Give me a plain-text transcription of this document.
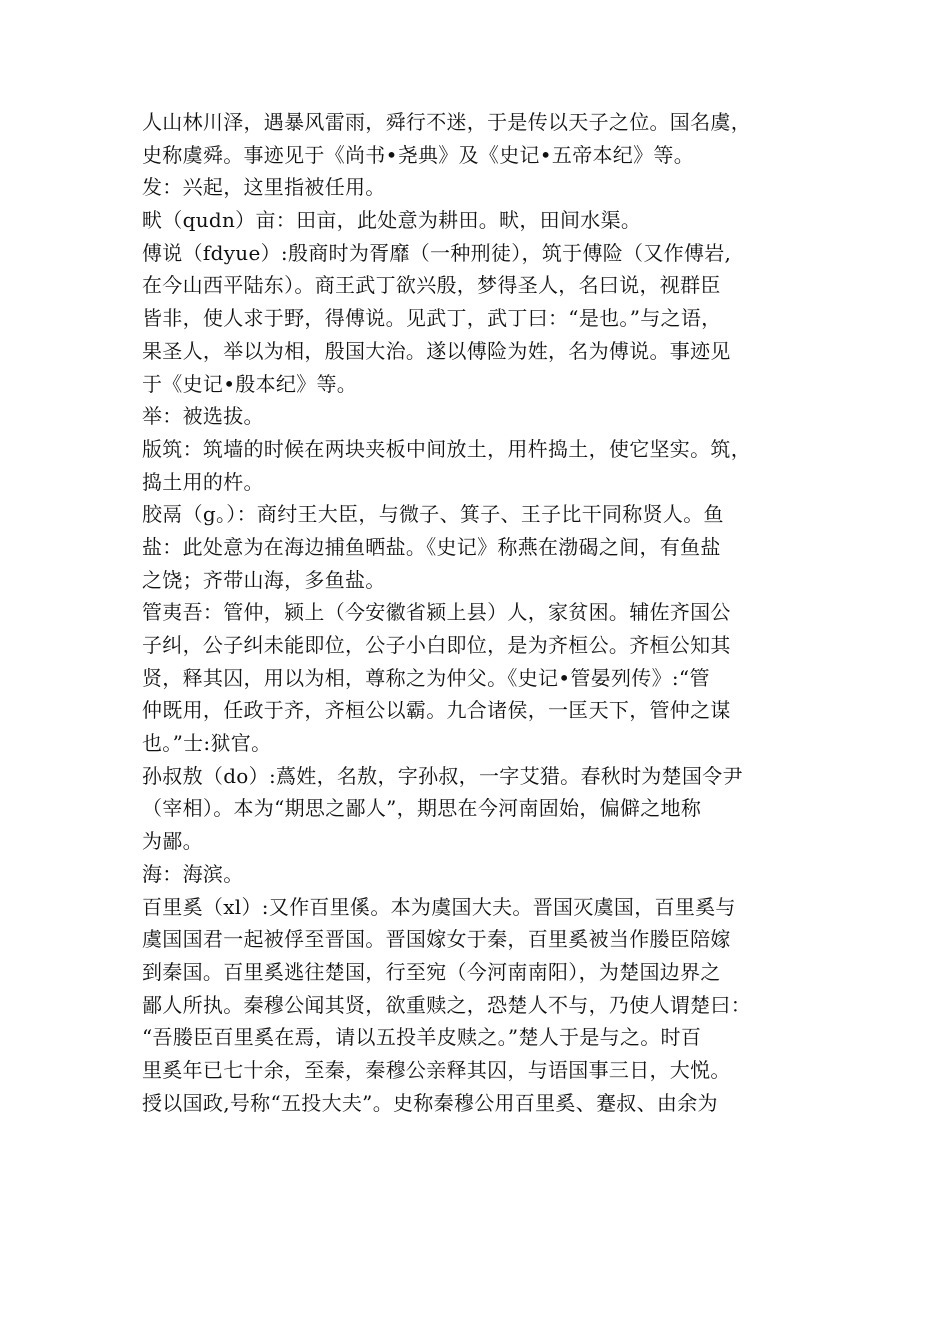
人山林川泽，遇暴风雷雨，舜行不迷，于是传以天子之位。国名虞，
史称虞舜。事迹见于《尚书•尧典》及《史记•五帝本纪》等。
发：兴起，这里指被任用。
畎（qudn）亩：田亩，此处意为耕田。畎，田间水渠。
傅说（fdyue）:殷商时为胥靡（一种刑徒），筑于傅险（又作傅岩,
在今山西平陆东）。商王武丁欲兴殷，梦得圣人，名曰说，视群臣
皆非，使人求于野，得傅说。见武丁，武丁曰：“是也。”与之语，
果圣人，举以为相，殷国大治。遂以傅险为姓，名为傅说。事迹见
于《史记•殷本纪》等。
举：被选拔。
版筑：筑墙的时候在两块夹板中间放土，用杵捣土，使它坚实。筑，
捣土用的杵。
胶鬲（g。）：商纣王大臣，与微子、箕子、王子比干同称贤人。鱼
盐：此处意为在海边捕鱼晒盐。《史记》称燕在渤碣之间，有鱼盐
之饶；齐带山海，多鱼盐。
管夷吾：管仲，颍上（今安徽省颍上县）人，家贫困。辅佐齐国公
子纠，公子纠未能即位，公子小白即位，是为齐桓公。齐桓公知其
贤，释其囚，用以为相，尊称之为仲父。《史记•管晏列传》:“管
仲既用，任政于齐，齐桓公以霸。九合诸侯，一匡天下，管仲之谋
也。”士:狱官。
孙叔敖（do）:蔿姓，名敖，字孙叔，一字艾猎。春秋时为楚国令尹
（宰相）。本为“期思之鄙人”，期思在今河南固始，偏僻之地称
为鄙。
海：海滨。
百里奚（xl）:又作百里傒。本为虞国大夫。晋国灭虞国，百里奚与
虞国国君一起被俘至晋国。晋国嫁女于秦，百里奚被当作媵臣陪嫁
到秦国。百里奚逃往楚国，行至宛（今河南南阳），为楚国边界之
鄙人所执。秦穆公闻其贤，欲重赎之，恐楚人不与，乃使人谓楚曰：
“吾媵臣百里奚在焉，请以五投羊皮赎之。”楚人于是与之。时百
里奚年已七十余，至秦，秦穆公亲释其囚，与语国事三日，大悦。
授以国政,号称“五投大夫”。史称秦穆公用百里奚、蹇叔、由余为
